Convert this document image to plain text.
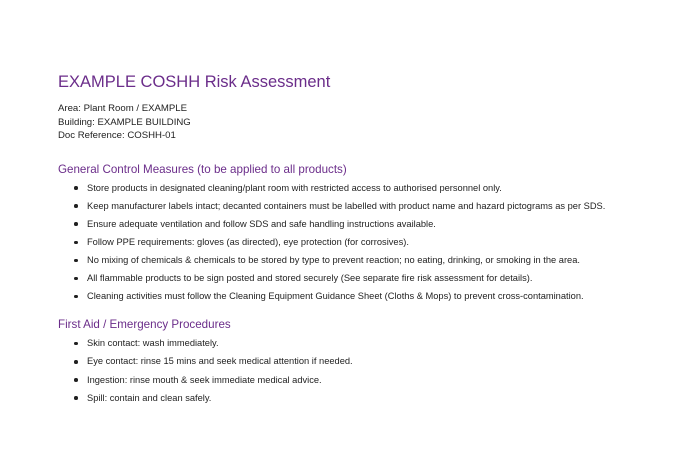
EXAMPLE COSHH Risk Assessment
Area: Plant Room / EXAMPLE
Building: EXAMPLE BUILDING
Doc Reference: COSHH-01
General Control Measures (to be applied to all products)
Store products in designated cleaning/plant room with restricted access to authorised personnel only.
Keep manufacturer labels intact; decanted containers must be labelled with product name and hazard pictograms as per SDS.
Ensure adequate ventilation and follow SDS and safe handling instructions available.
Follow PPE requirements: gloves (as directed), eye protection (for corrosives).
No mixing of chemicals & chemicals to be stored by type to prevent reaction; no eating, drinking, or smoking in the area.
All flammable products to be sign posted and stored securely (See separate fire risk assessment for details).
Cleaning activities must follow the Cleaning Equipment Guidance Sheet (Cloths & Mops) to prevent cross-contamination.
First Aid / Emergency Procedures
Skin contact: wash immediately.
Eye contact: rinse 15 mins and seek medical attention if needed.
Ingestion: rinse mouth & seek immediate medical advice.
Spill: contain and clean safely.
